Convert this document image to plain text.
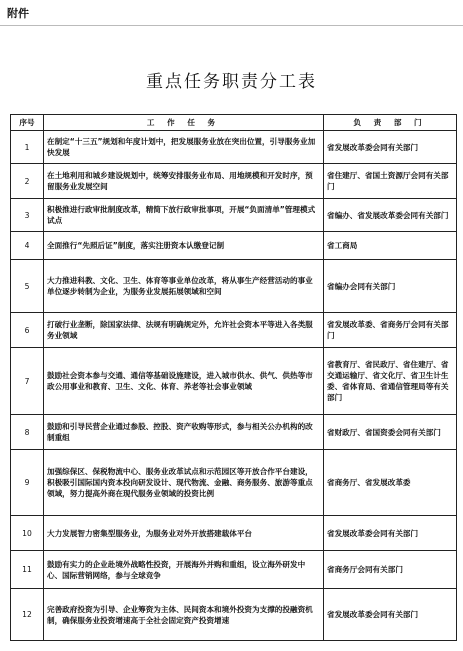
附件
重点任务职责分工表
序号	工 作 任 务	负 责 部 门
1	在制定“十三五”规划和年度计划中，把发展服务业放在突出位置，引导服务业加快发展	省发展改革委会同有关部门
2	在土地利用和城乡建设规划中，统筹安排服务业布局、用地规模和开发时序，预留服务业发展空间	省住建厅、省国土资源厅会同有关部门
3	积极推进行政审批制度改革，精简下放行政审批事项，开展“负面清单”管理模式试点	省编办、省发展改革委会同有关部门
4	全面推行“先照后证”制度，落实注册资本认缴登记制	省工商局
5	大力推进科教、文化、卫生、体育等事业单位改革，将从事生产经营活动的事业单位逐步转制为企业，为服务业发展拓展领域和空间	省编办会同有关部门
6	打破行业垄断，除国家法律、法规有明确规定外，允许社会资本平等进入各类服务业领域	省发展改革委、省商务厅会同有关部门
7	鼓励社会资本参与交通、通信等基础设施建设，进入城市供水、供气、供热等市政公用事业和教育、卫生、文化、体育、养老等社会事业领域	省教育厅、省民政厅、省住建厅、省交通运输厅、省文化厅、省卫生计生委、省体育局、省通信管理局等有关部门
8	鼓励和引导民营企业通过参股、控股、资产收购等形式，参与相关公办机构的改制重组	省财政厅、省国资委会同有关部门
9	加强综保区、保税物流中心、服务业改革试点和示范园区等开放合作平台建设，积极吸引国际国内资本投向研发设计、现代物流、金融、商务服务、旅游等重点领域，努力提高外商在现代服务业领域的投资比例	省商务厅、省发展改革委
10	大力发展智力密集型服务业，为服务业对外开放搭建载体平台	省发展改革委会同有关部门
11	鼓励有实力的企业赴境外战略性投资，开展海外并购和重组，设立海外研发中心、国际营销网络，参与全球竞争	省商务厅会同有关部门
12	完善政府投资为引导、企业筹资为主体、民间资本和境外投资为支撑的投融资机制，确保服务业投资增速高于全社会固定资产投资增速	省发展改革委会同有关部门
